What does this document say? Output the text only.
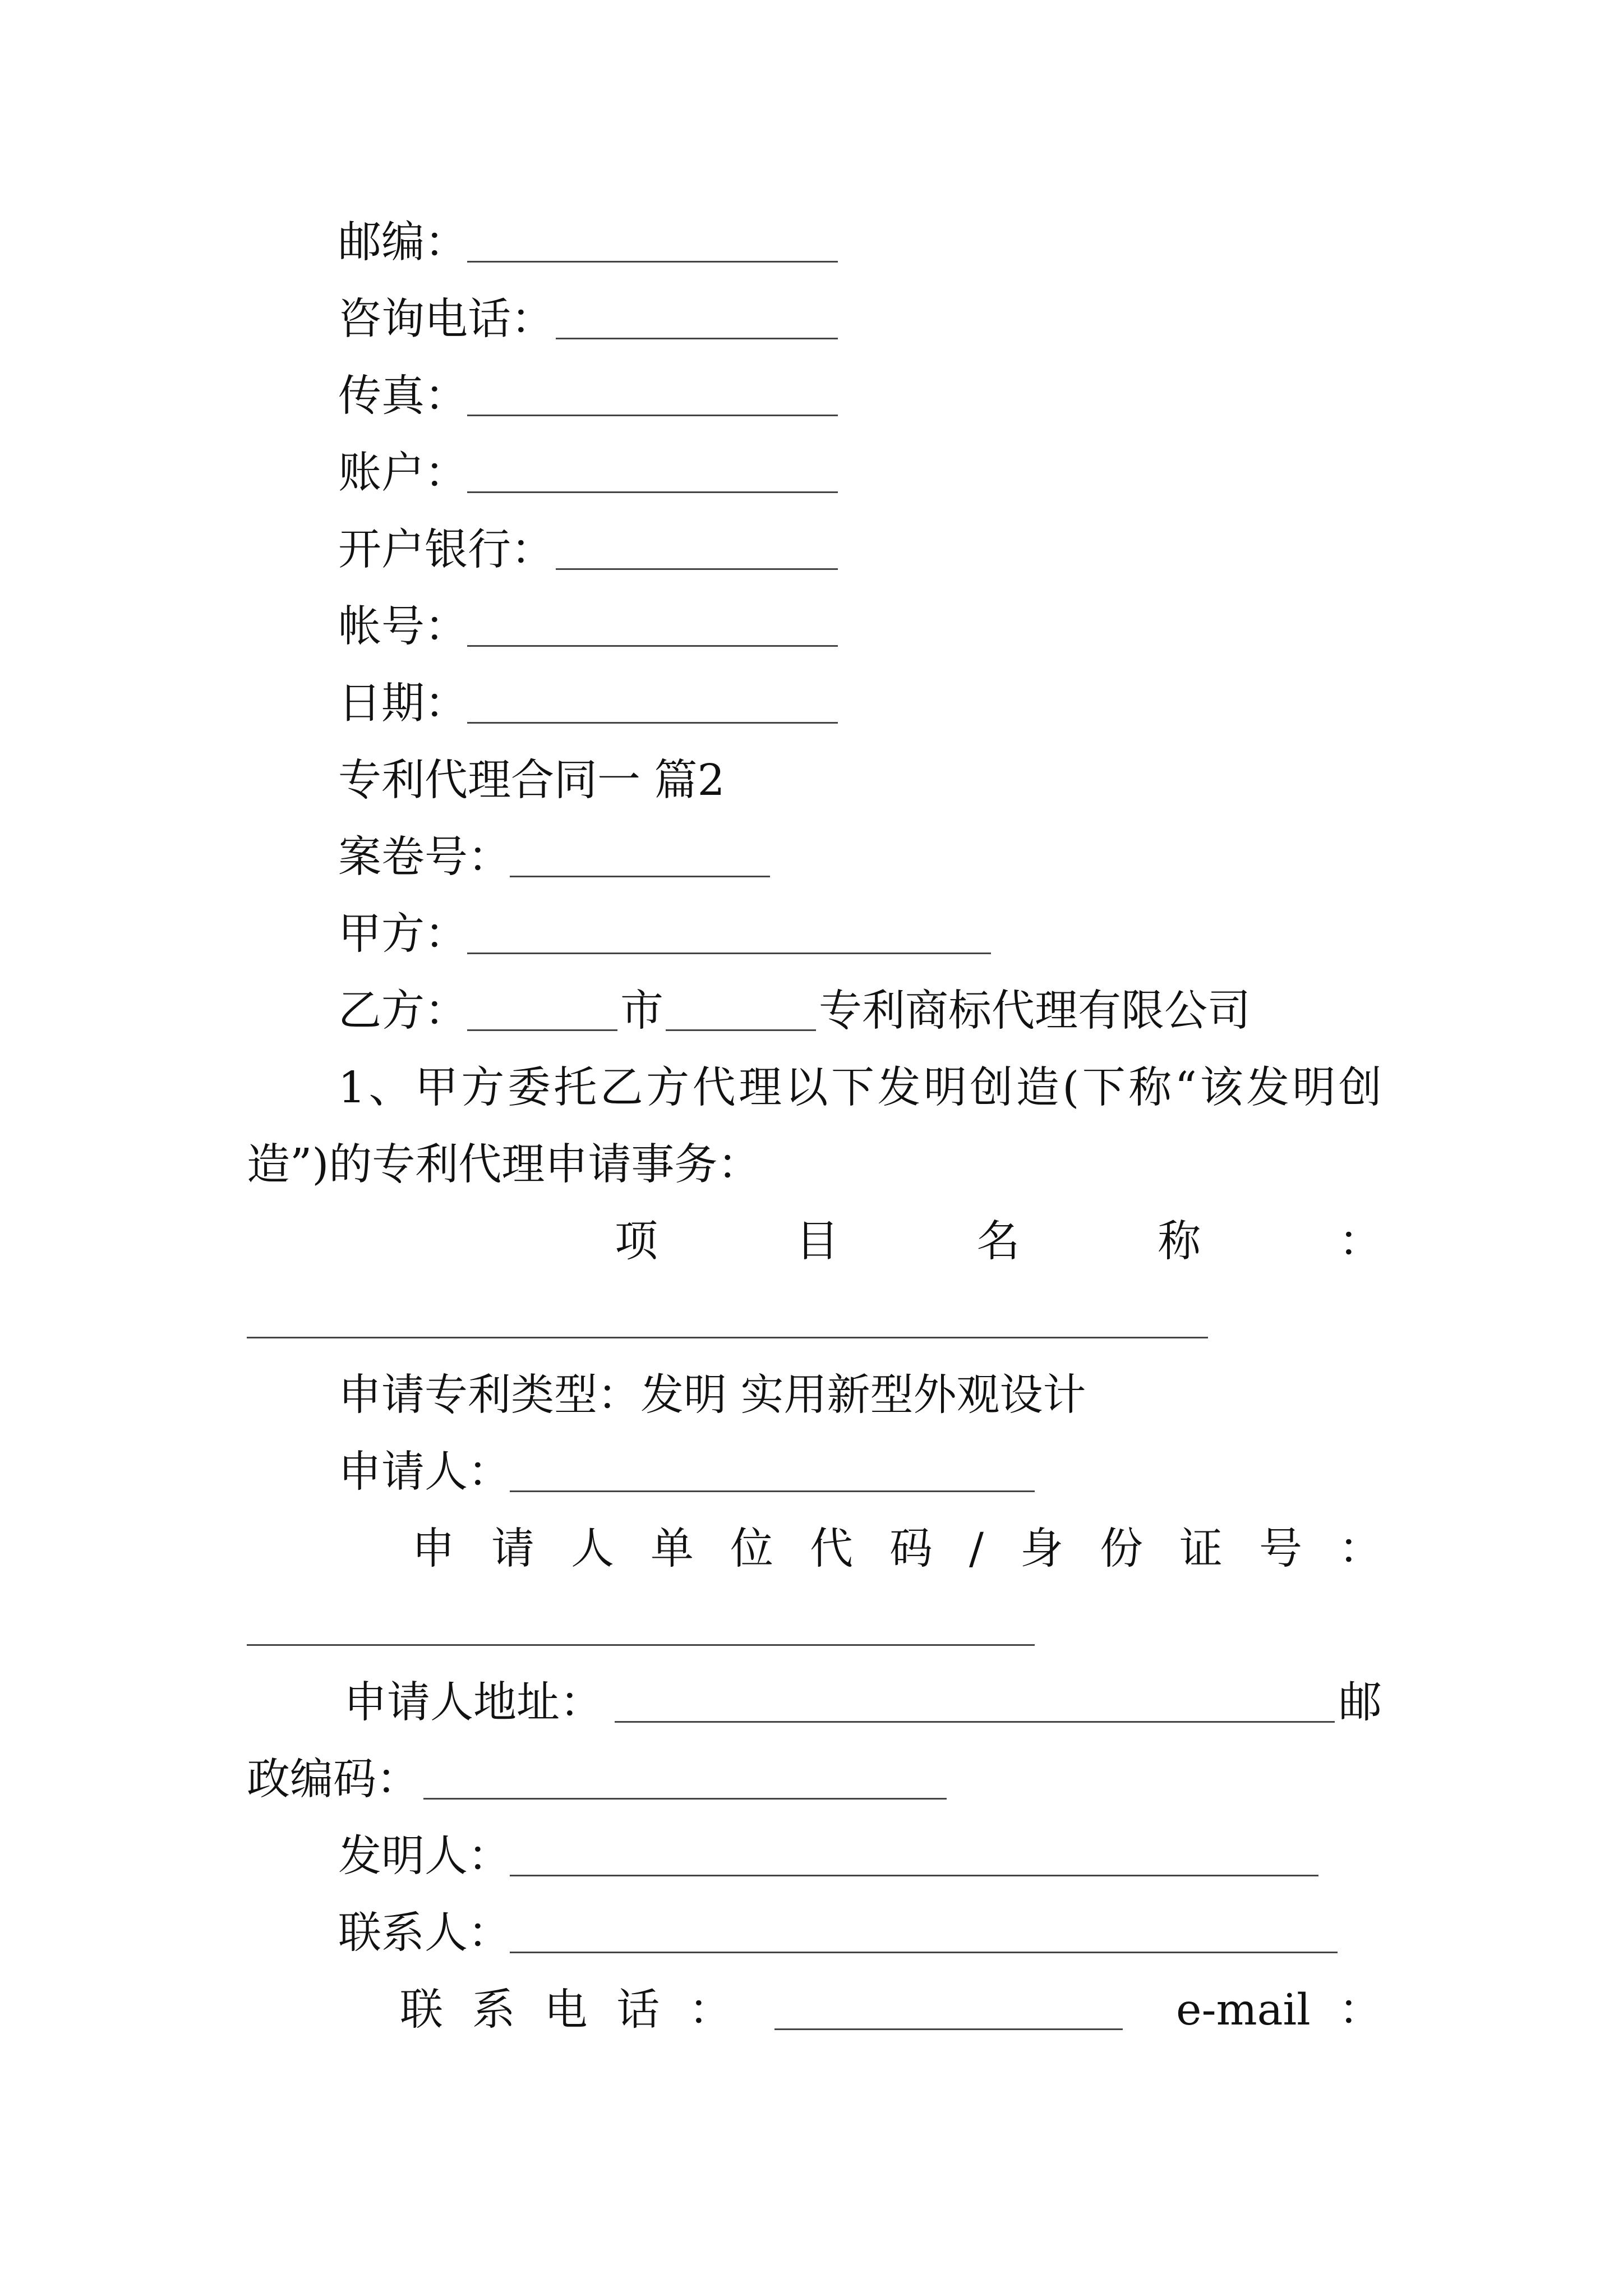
邮编：
咨询电话：
传真：
账户：
开户银行：
帐号：
日期：
专利代理合同一 篇2
案卷号：
甲方：
乙方：	市	专利商标代理有限公司
1 、 甲 方 委 托 乙 方 代 理 以 下 发 明 创 造 ( 下 称 “ 该 发 明 创
造”)的专利代理申请事务：
项	目	名	称	：
申请专利类型：发明 实用新型外观设计
申请人：
申 请 人 单 位 代 码 / 身 份 证 号 ：
申请人地址：	邮
政编码：
发明人：
联系人：
联 系 电 话 ：	e-mail ：
